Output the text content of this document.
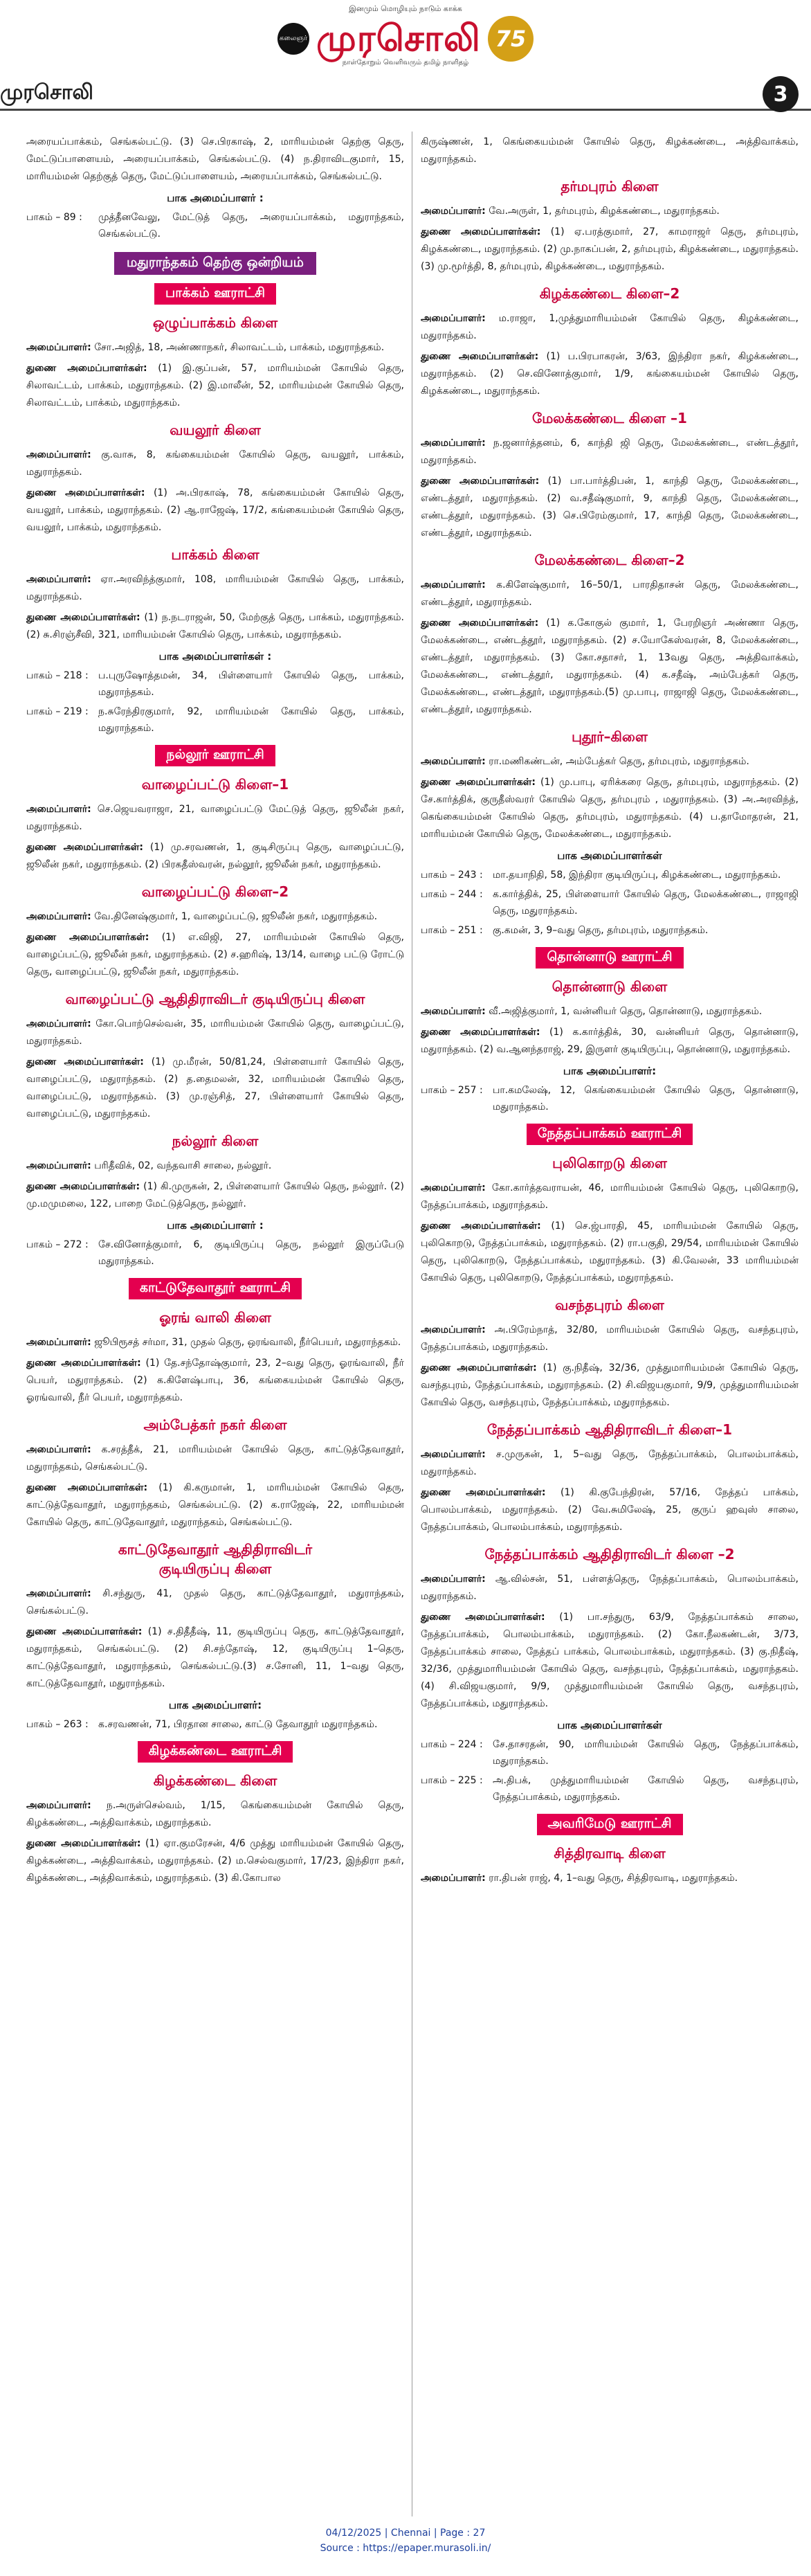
இனமும் மொழியும் நாடும் காக்க
கலைஞர் முரசொலி 75
நாள்தோறும் வெளிவரும் தமிழ் நாளிதழ்
முரசொலி	3

அரையப்பாக்கம், செங்கல்பட்டு. (3) செ.பிரகாஷ், 2, மாரியம்மன் தெற்கு தெரு, மேட்டுப்பாளையம், அரையப்பாக்கம், செங்கல்பட்டு. (4) ந.திராவிடகுமார், 15, மாரியம்மன் தெற்குத் தெரு, மேட்டுப்பாளையம், அரையப்பாக்கம், செங்கல்பட்டு.

பாக அமைப்பாளர் :
பாகம் – 89 :	முத்தீனவேலு, மேட்டுத் தெரு, அரையப்பாக்கம், மதுராந்தகம், செங்கல்பட்டு.
மதுராந்தகம் தெற்கு ஒன்றியம்
பாக்கம் ஊராட்சி
ஒழுப்பாக்கம் கிளை

அமைப்பாளர்: சோ.அஜித், 18, அண்ணாநகர், சிலாவட்டம், பாக்கம், மதுராந்தகம்.

துணை அமைப்பாளர்கள்: (1) இ.குப்பன், 57, மாரியம்மன் கோயில் தெரு, சிலாவட்டம், பாக்கம், மதுராந்தகம். (2) இ.மாலீன், 52, மாரியம்மன் கோயில் தெரு, சிலாவட்டம், பாக்கம், மதுராந்தகம்.

வயலூர் கிளை

அமைப்பாளர்: கு.வாசு, 8, கங்கையம்மன் கோயில் தெரு, வயலூர், பாக்கம், மதுராந்தகம்.

துணை அமைப்பாளர்கள்: (1) அ.பிரகாஷ், 78, கங்கையம்மன் கோயில் தெரு, வயலூர், பாக்கம், மதுராந்தகம். (2) ஆ.ராஜேஷ், 17/2, கங்கையம்மன் கோயில் தெரு, வயலூர், பாக்கம், மதுராந்தகம்.

பாக்கம் கிளை

அமைப்பாளர்: ஏா.அரவிந்த்குமார், 108, மாரியம்மன் கோயில் தெரு, பாக்கம், மதுராந்தகம்.

துணை அமைப்பாளர்கள்: (1) ந.நடராஜன், 50, மேற்குத் தெரு, பாக்கம், மதுராந்தகம். (2) சு.சிரஞ்சீவி, 321, மாரியம்மன் கோயில் தெரு, பாக்கம், மதுராந்தகம்.

பாக அமைப்பாளர்கள் :
பாகம் – 218 :	ப.புருஷோத்தமன், 34, பிள்ளையார் கோயில் தெரு, பாக்கம், மதுராந்தகம்.
பாகம் – 219 :	ந.சுரேந்திரகுமார், 92, மாரியம்மன் கோயில் தெரு, பாக்கம், மதுராந்தகம்.
நல்லூர் ஊராட்சி
வாழைப்பட்டு கிளை–1

அமைப்பாளர்: செ.ஜெயவராஜா, 21, வாழைப்பட்டு மேட்டுத் தெரு, ஜூலீன் நகர், மதுராந்தகம்.

துணை அமைப்பாளர்கள்: (1) மு.சரவணன், 1, குடிசிருப்பு தெரு, வாழைப்பட்டு, ஜூலீன் நகர், மதுராந்தகம். (2) பிரகதீஸ்வரன், நல்லூர், ஜூலீன் நகர், மதுராந்தகம்.

வாழைப்பட்டு கிளை–2

அமைப்பாளர்: வே.தினேஷ்குமார், 1, வாழைப்பட்டு, ஜூலீன் நகர், மதுராந்தகம்.

துணை அமைப்பாளர்கள்: (1) எ.விஜி, 27, மாரியம்மன் கோயில் தெரு, வாழைப்பட்டு, ஜூலீன் நகர், மதுராந்தகம். (2) ச.ஹரிஷ், 13/14, வாழை பட்டு ரோட்டு தெரு, வாழைப்பட்டு, ஜூலீன் நகர், மதுராந்தகம்.

வாழைப்பட்டு ஆதிதிராவிடர் குடியிருப்பு கிளை

அமைப்பாளர்: கோ.பொற்செல்வன், 35, மாரியம்மன் கோயில் தெரு, வாழைப்பட்டு, மதுராந்தகம்.

துணை அமைப்பாளர்கள்: (1) மு.மீரன், 50/81,24, பிள்ளையார் கோயில் தெரு, வாழைப்பட்டு, மதுராந்தகம். (2) த.தைமலன், 32, மாரியம்மன் கோயில் தெரு, வாழைப்பட்டு, மதுராந்தகம். (3) மு.ரஞ்சித், 27, பிள்ளையார் கோயில் தெரு, வாழைப்பட்டு, மதுராந்தகம்.

நல்லூர் கிளை

அமைப்பாளர்: பரிதீவிக், 02, வந்தவாசி சாலை, நல்லூர்.

துணை அமைப்பாளர்கள்: (1) கி.முருகன், 2, பிள்ளையார் கோயில் தெரு, நல்லூர். (2) மு.மமுமலை, 122, பாறை மேட்டுத்தெரு, நல்லூர்.

பாக அமைப்பாளர் :
பாகம் – 272 :	சே.வினோத்குமார், 6, குடியிருப்பு தெரு, நல்லூர் இருப்பேடு மதுராந்தகம்.
காட்டுதேவாதூர் ஊராட்சி
ஓரங் வாலி கிளை

அமைப்பாளர்: ஜூபிரூசத் சர்மா, 31, முதல் தெரு, ஒரங்வாலி, நீர்பெயர், மதுராந்தகம்.

துணை அமைப்பாளர்கள்: (1) தே.சந்தோஷ்குமார், 23, 2–வது தெரு, ஓரங்வாலி, நீர் பெயர், மதுராந்தகம். (2) க.கிளேஷ்பாபு, 36, கங்கையம்மன் கோயில் தெரு, ஓரங்வாலி, நீர் பெயர், மதுராந்தகம்.

அம்பேத்கர் நகர் கிளை

அமைப்பாளர்: க.சரத்தீக், 21, மாரியம்மன் கோயில் தெரு, காட்டுத்தேவாதூர், மதுராந்தகம், செங்கல்பட்டு.

துணை அமைப்பாளர்கள்: (1) கி.கருமான், 1, மாரியம்மன் கோயில் தெரு, காட்டுத்தேவாதூர், மதுராந்தகம், செங்கல்பட்டு. (2) க.ராஜேஷ், 22, மாரியம்மன் கோயில் தெரு, காட்டுதேவாதூர், மதுராந்தகம், செங்கல்பட்டு.

காட்டுதேவாதூர் ஆதிதிராவிடர்
குடியிருப்பு கிளை

அமைப்பாளர்: சி.சந்துரு, 41, முதல் தெரு, காட்டுத்தேவாதூர், மதுராந்தகம், செங்கல்பட்டு.

துணை அமைப்பாளர்கள்: (1) ச.திதீதீஷ், 11, குடியிருப்பு தெரு, காட்டுத்தேவாதூர், மதுராந்தகம், செங்கல்பட்டு. (2) சி.சந்தோஷ், 12, குடியிருப்பு 1–தெரு, காட்டுத்தேவாதூர், மதுராந்தகம், செங்கல்பட்டு.(3) ச.சோனி, 11, 1–வது தெரு, காட்டுத்தேவாதூர், மதுராந்தகம்.

பாக அமைப்பாளர்:
பாகம் – 263 :	க.சரவணன், 71, பிரதான சாலை, காட்டு தேவாதூர் மதுராந்தகம்.
கிழக்கண்டை ஊராட்சி
கிழக்கண்டை கிளை

அமைப்பாளர்: ந.அருள்செல்வம், 1/15, கெங்கையம்மன் கோயில் தெரு, கிழக்கண்டை, அத்திவாக்கம், மதுராந்தகம்.

துணை அமைப்பாளர்கள்: (1) ஏா.குமரேசன், 4/6 முத்து மாரியம்மன் கோயில் தெரு, கிழக்கண்டை, அத்திவாக்கம், மதுராந்தகம். (2) ம.செல்வகுமார், 17/23, இந்திரா நகர், கிழக்கண்டை, அத்திவாக்கம், மதுராந்தகம். (3) கி.கோபால

கிருஷ்ணன், 1, கெங்கையம்மன் கோயில் தெரு, கிழக்கண்டை, அத்திவாக்கம், மதுராந்தகம்.

தர்மபுரம் கிளை

அமைப்பாளர்: வே.அருள், 1, தர்மபுரம், கிழக்கண்டை, மதுராந்தகம்.

துணை அமைப்பாளர்கள்: (1) ஏ.பரத்குமார், 27, காமராஜர் தெரு, தர்மபுரம், கிழக்கண்டை, மதுராந்தகம். (2) மு.நாகப்பன், 2, தர்மபுரம், கிழக்கண்டை, மதுராந்தகம். (3) மு.மூர்த்தி, 8, தர்மபுரம், கிழக்கண்டை, மதுராந்தகம்.

கிழக்கண்டை கிளை–2

அமைப்பாளர்: ம.ராஜா, 1,முத்துமாரியம்மன் கோயில் தெரு, கிழக்கண்டை, மதுராந்தகம்.

துணை அமைப்பாளர்கள்: (1) ப.பிரபாகரன், 3/63, இந்திரா நகர், கிழக்கண்டை, மதுராந்தகம். (2) செ.வினோத்குமார், 1/9, கங்கையம்மன் கோயில் தெரு, கிழக்கண்டை, மதுராந்தகம்.

மேலக்கண்டை கிளை –1

அமைப்பாளர்: ந.ஜனார்த்தனம், 6, காந்தி ஜி தெரு, மேலக்கண்டை, எண்டத்தூர், மதுராந்தகம்.

துணை அமைப்பாளர்கள்: (1) பா.பார்த்திபன், 1, காந்தி தெரு, மேலக்கண்டை, எண்டத்தூர், மதுராந்தகம். (2) வ.சதீஷ்குமார், 9, காந்தி தெரு, மேலக்கண்டை, எண்டத்தூர், மதுராந்தகம். (3) செ.பிரேம்குமார், 17, காந்தி தெரு, மேலக்கண்டை, எண்டத்தூர், மதுராந்தகம்.

மேலக்கண்டை கிளை–2

அமைப்பாளர்: க.கிளேஷ்குமார், 16–50/1, பாரதிதாசன் தெரு, மேலக்கண்டை, எண்டத்தூர், மதுராந்தகம்.

துணை அமைப்பாளர்கள்: (1) க.கோகுல் குமார், 1, பேரறிஞர் அண்ணா தெரு, மேலக்கண்டை, எண்டத்தூர், மதுராந்தகம். (2) ச.யோகேஸ்வரன், 8, மேலக்கண்டை, எண்டத்தூர், மதுராந்தகம். (3) கோ.சதாசர், 1, 13வது தெரு, அத்திவாக்கம், மேலக்கண்டை, எண்டத்தூர், மதுராந்தகம். (4) க.சதீஷ், அம்பேத்கர் தெரு, மேலக்கண்டை, எண்டத்தூர், மதுராந்தகம்.(5) மு.பாபு, ராஜாஜி தெரு, மேலக்கண்டை, எண்டத்தூர், மதுராந்தகம்.

புதூர்–கிளை

அமைப்பாளர்: ரா.மணிகண்டன், அம்பேத்கர் தெரு, தர்மபுரம், மதுராந்தகம்.

துணை அமைப்பாளர்கள்: (1) மு.பாபு, ஏரிக்கரை தெரு, தர்மபுரம், மதுராந்தகம். (2) சே.கார்த்திக், குருதீஸ்வரர் கோயில் தெரு, தர்மபுரம் , மதுராந்தகம். (3) அ.அரவிந்த், கெங்கையம்மன் கோயில் தெரு, தர்மபுரம், மதுராந்தகம். (4) ப.தாமோதரன், 21, மாரியம்மன் கோயில் தெரு, மேலக்கண்டை, மதுராந்தகம்.

பாக அமைப்பாளர்கள்
பாகம் – 243 :	மா.தயாநிதி, 58, இந்திரா குடியிருப்பு, கிழக்கண்டை, மதுராந்தகம்.
பாகம் – 244 :	க.கார்த்திக், 25, பிள்ளையார் கோயில் தெரு, மேலக்கண்டை, ராஜாஜி தெரு, மதுராந்தகம்.
பாகம் – 251 :	கு.கமன், 3, 9–வது தெரு, தர்மபுரம், மதுராந்தகம்.
தொன்னாடு ஊராட்சி
தொன்னாடு கிளை

அமைப்பாளர்: வீ.அஜித்குமார், 1, வன்னியர் தெரு, தொன்னாடு, மதுராந்தகம்.

துணை அமைப்பாளர்கள்: (1) க.கார்த்திக், 30, வன்னியர் தெரு, தொன்னாடு, மதுராந்தகம். (2) வ.ஆனந்தராஜ், 29, இருளர் குடியிருப்பு, தொன்னாடு, மதுராந்தகம்.

பாக அமைப்பாளர்:
பாகம் – 257 :	பா.கமலேஷ், 12, கெங்கையம்மன் கோயில் தெரு, தொன்னாடு, மதுராந்தகம்.
நேத்தப்பாக்கம் ஊராட்சி
புலிகொறடு கிளை

அமைப்பாளர்: கோ.கார்த்தவராயன், 46, மாரியம்மன் கோயில் தெரு, புலிகொறடு, நேத்தப்பாக்கம், மதுராந்தகம்.

துணை அமைப்பாளர்கள்: (1) செ.ஜ்பாரதி, 45, மாரியம்மன் கோயில் தெரு, புலிகொறடு, நேத்தப்பாக்கம், மதுராந்தகம். (2) ரா.பகுதி, 29/54, மாரியம்மன் கோயில் தெரு, புலிகொறடு, நேத்தப்பாக்கம், மதுராந்தகம். (3) கி.வேலன், 33 மாரியம்மன் கோயில் தெரு, புலிகொறடு, நேத்தப்பாக்கம், மதுராந்தகம்.

வசந்தபுரம் கிளை

அமைப்பாளர்: அ.பிரேம்நாத், 32/80, மாரியம்மன் கோயில் தெரு, வசந்தபுரம், நேத்தப்பாக்கம், மதுராந்தகம்.

துணை அமைப்பாளர்கள்: (1) கு.நிதீஷ், 32/36, முத்துமாரியம்மன் கோயில் தெரு, வசந்தபுரம், நேத்தப்பாக்கம், மதுராந்தகம். (2) சி.விஜயகுமார், 9/9, முத்துமாரியம்மன் கோயில் தெரு, வசந்தபுரம், நேத்தப்பாக்கம், மதுராந்தகம்.

நேத்தப்பாக்கம் ஆதிதிராவிடர் கிளை–1

அமைப்பாளர்: ச.முருகன், 1, 5–வது தெரு, நேத்தப்பாக்கம், பொலம்பாக்கம், மதுராந்தகம்.

துணை அமைப்பாளர்கள்: (1) கி.குபேந்திரன், 57/16, நேத்தப் பாக்கம், பொலம்பாக்கம், மதுராந்தகம். (2) வே.சுமிலேஷ், 25, குருப் ஹவுஸ் சாலை, நேத்தப்பாக்கம், பொலம்பாக்கம், மதுராந்தகம்.

நேத்தப்பாக்கம் ஆதிதிராவிடர் கிளை –2

அமைப்பாளர்: ஆ.வில்சன், 51, பள்ளத்தெரு, நேத்தப்பாக்கம், பொலம்பாக்கம், மதுராந்தகம்.

துணை அமைப்பாளர்கள்: (1) பா.சந்துரு, 63/9, நேத்தப்பாக்கம் சாலை, நேத்தப்பாக்கம், பொலம்பாக்கம், மதுராந்தகம். (2) கோ.நீலகண்டன், 3/73, நேத்தப்பாக்கம் சாலை, நேத்தப் பாக்கம், பொலம்பாக்கம், மதுராந்தகம். (3) கு.நிதீஷ், 32/36, முத்துமாரியம்மன் கோயில் தெரு, வசந்தபுரம், நேத்தப்பாக்கம், மதுராந்தகம். (4) சி.விஜயகுமார், 9/9, முத்துமாரியம்மன் கோயில் தெரு, வசந்தபுரம், நேத்தப்பாக்கம், மதுராந்தகம்.

பாக அமைப்பாளர்கள்
பாகம் – 224 :	சே.தாசரதன், 90, மாரியம்மன் கோயில் தெரு, நேத்தப்பாக்கம், மதுராந்தகம்.
பாகம் – 225 :	அ.திபக், முத்துமாரியம்மன் கோயில் தெரு, வசந்தபுரம், நேத்தப்பாக்கம், மதுராந்தகம்.
அவரிமேடு ஊராட்சி
சித்திரவாடி கிளை

அமைப்பாளர்: ரா.திபன் ராஜ், 4, 1–வது தெரு, சித்திரவாடி, மதுராந்தகம்.

04/12/2025 | Chennai | Page : 27
Source : https://epaper.murasoli.in/
